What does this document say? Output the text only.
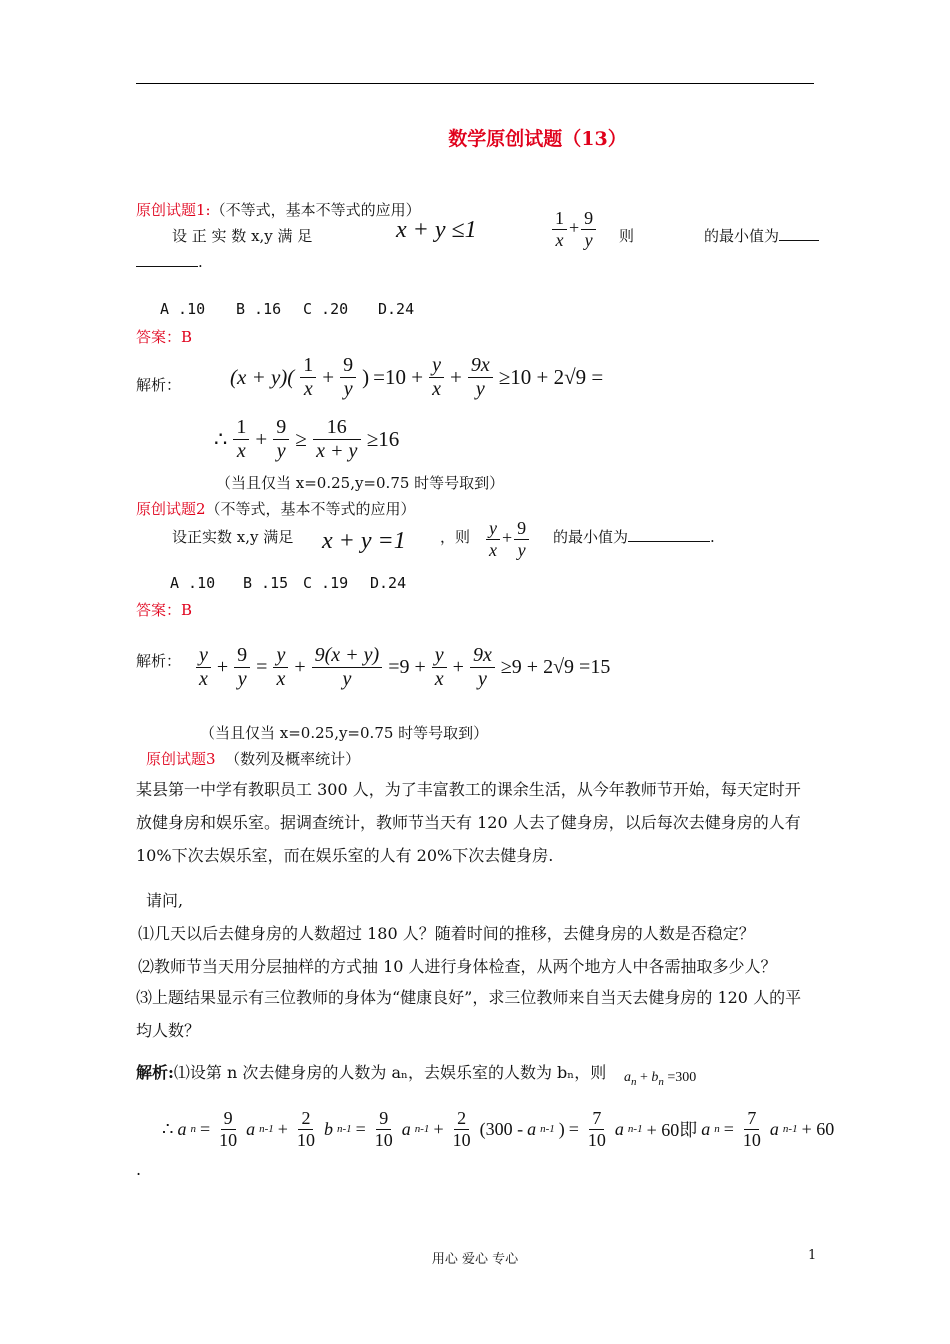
数学原创试题（13）
原创试题1:（不等式，基本不等式的应用）
设 正 实 数 x,y 满 足	x + y ≤1	$\frac{1}{x} + \frac{9}{y}$ 则	的最小值为
.
A .10 B .16 C .20 D.24
答案：B
解析： $(x + y)( \frac{1}{x} + \frac{9}{y}$ ) $=10 + \frac{y}{x} + \frac{9x}{y} \ge 10 + 2√9$ =
∴ $\frac{1}{x} + \frac{9}{y} \ge \frac{16}{x + y} \ge 16$
（当且仅当 x=0.25,y=0.75 时等号取到）
原创试题2（不等式，基本不等式的应用）
设正实数 x,y 满足 x + y =1 ，则 $\frac{y}{x} + \frac{9}{y}$ 的最小值为	.
A .10 B .15 C .19 D.24
答案：B
解析： $\frac{y}{x} + \frac{9}{y} = \frac{y}{x} + \frac{9(x + y)}{y} =9 + \frac{y}{x} + \frac{9x}{y} \ge 9 + 2√9 =15$
（当且仅当 x=0.25,y=0.75 时等号取到）
原创试题3 （数列及概率统计）
某县第一中学有教职员工 300 人，为了丰富教工的课余生活，从今年教师节开始，每天定时开放健身房和娱乐室。据调查统计，教师节当天有 120 人去了健身房，以后每次去健身房的人有 10%下次去娱乐室，而在娱乐室的人有 20%下次去健身房.
请问,
⑴几天以后去健身房的人数超过 180 人？随着时间的推移，去健身房的人数是否稳定？
⑵教师节当天用分层抽样的方式抽 10 人进行身体检查，从两个地方人中各需抽取多少人？
⑶上题结果显示有三位教师的身体为“健康良好”，求三位教师来自当天去健身房的 120 人的平均人数？
解析:⑴设第 n 次去健身房的人数为 aₙ，去娱乐室的人数为 bₙ，则 $a_n + b_n =300$
∴ a $n = \frac{9}{10}$ a $n-1 + \frac{2}{10}$ b $n-1 = \frac{9}{10}$ a $n-1 + \frac{2}{10} (300 - a$ n-1 ) = $\frac{7}{10}$ a n-1 + 60即 a $n = \frac{7}{10}$ a n-1 + 60
.
用心 爱心 专心	1
